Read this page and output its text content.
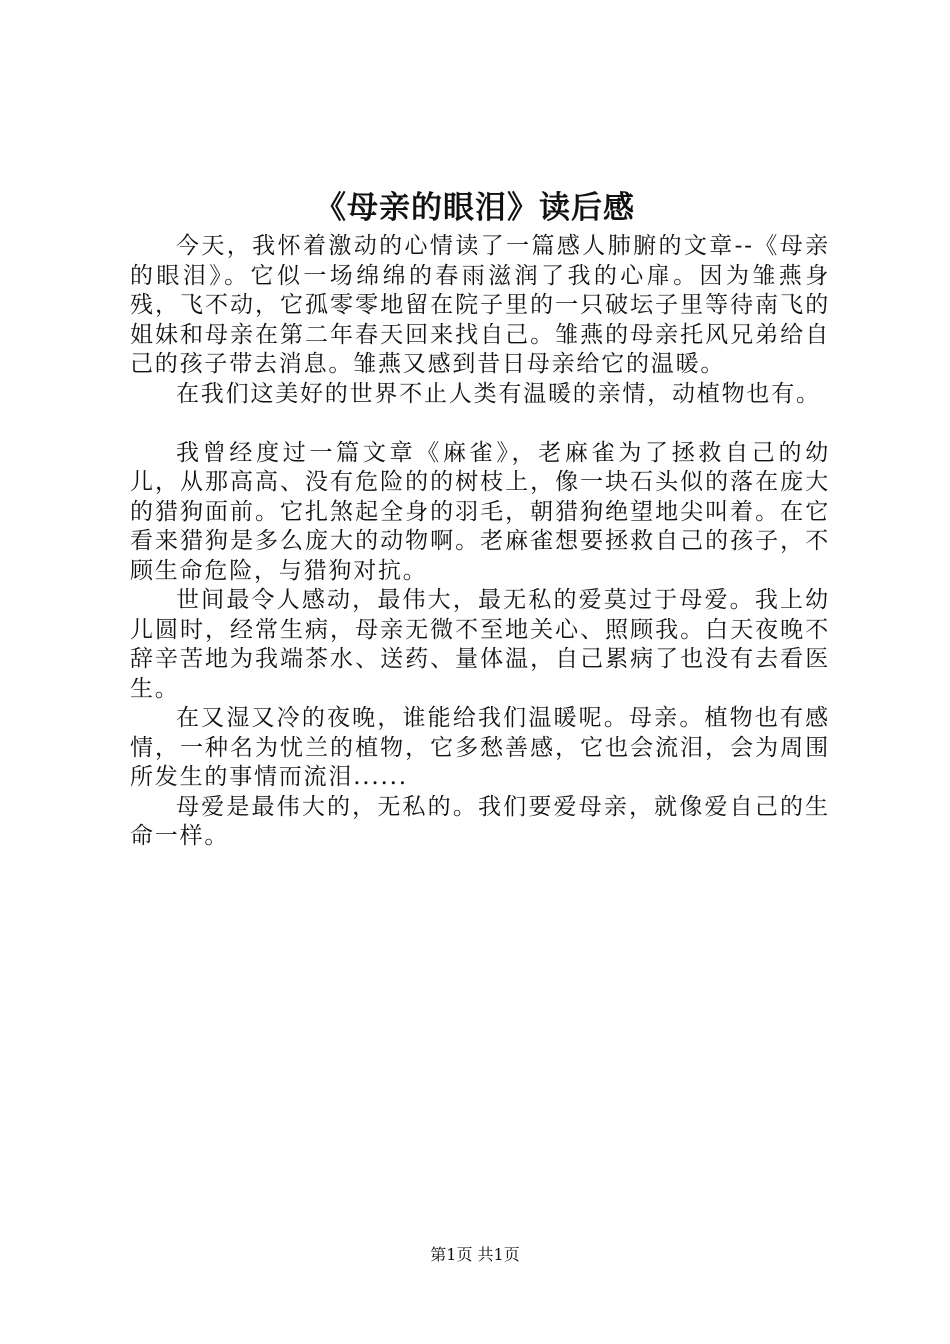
《母亲的眼泪》读后感

今天，我怀着激动的心情读了一篇感人肺腑的文章--《母亲的眼泪》。它似一场绵绵的春雨滋润了我的心扉。因为雏燕身残，飞不动，它孤零零地留在院子里的一只破坛子里等待南飞的姐妹和母亲在第二年春天回来找自己。雏燕的母亲托风兄弟给自己的孩子带去消息。雏燕又感到昔日母亲给它的温暖。

在我们这美好的世界不止人类有温暖的亲情，动植物也有。

我曾经度过一篇文章《麻雀》，老麻雀为了拯救自己的幼儿，从那高高、没有危险的的树枝上，像一块石头似的落在庞大的猎狗面前。它扎煞起全身的羽毛，朝猎狗绝望地尖叫着。在它看来猎狗是多么庞大的动物啊。老麻雀想要拯救自己的孩子，不顾生命危险，与猎狗对抗。

世间最令人感动，最伟大，最无私的爱莫过于母爱。我上幼儿圆时，经常生病，母亲无微不至地关心、照顾我。白天夜晚不辞辛苦地为我端茶水、送药、量体温，自己累病了也没有去看医生。

在又湿又冷的夜晚，谁能给我们温暖呢。母亲。植物也有感情，一种名为忧兰的植物，它多愁善感，它也会流泪，会为周围所发生的事情而流泪......

母爱是最伟大的，无私的。我们要爱母亲，就像爱自己的生命一样。

第1页 共1页
